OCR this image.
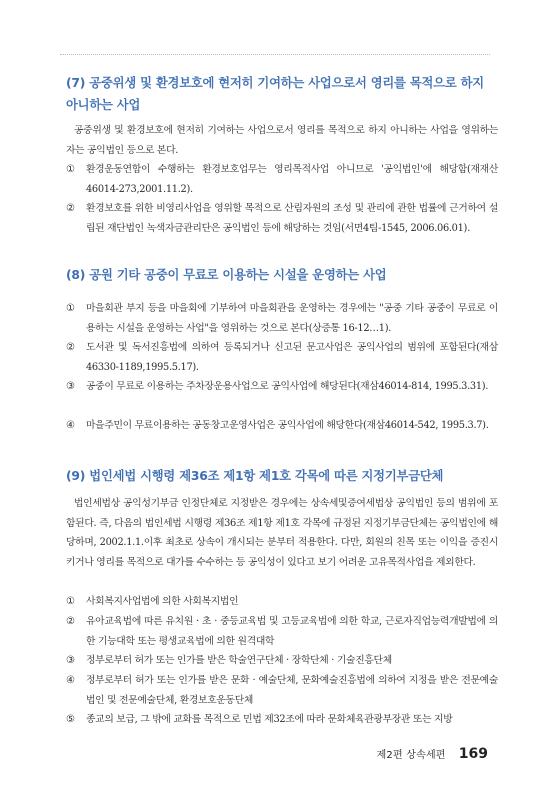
(7) 공중위생 및 환경보호에 현저히 기여하는 사업으로서 영리를 목적으로 하지 아니하는 사업
공중위생 및 환경보호에 현저히 기여하는 사업으로서 영리를 목적으로 하지 아니하는 사업을 영위하는 자는 공익법인 등으로 본다.
①	환경운동연합이 수행하는 환경보호업무는 영리목적사업 아니므로 '공익법인'에 해당함(재재산46014-273,2001.11.2).
②	환경보호를 위한 비영리사업을 영위할 목적으로 산림자원의 조성 및 관리에 관한 법률에 근거하여 설립된 재단법인 녹색자금관리단은 공익법인 등에 해당하는 것임(서면4팀-1545, 2006.06.01).
(8) 공원 기타 공중이 무료로 이용하는 시설을 운영하는 사업
①	마을회관 부지 등을 마을회에 기부하여 마을회관을 운영하는 경우에는 "공중 기타 공중이 무료로 이용하는 시설을 운영하는 사업"을 영위하는 것으로 본다(상증통 16-12…1).
②	도서관 및 독서진흥법에 의하여 등록되거나 신고된 문고사업은 공익사업의 범위에 포함된다(재삼46330-1189,1995.5.17).
③	공중이 무료로 이용하는 주차장운용사업으로 공익사업에 해당된다(재삼46014-814, 1995.3.31).
④	마을주민이 무료이용하는 공동창고운영사업은 공익사업에 해당한다(재삼46014-542, 1995.3.7).
(9) 법인세법 시행령 제36조 제1항 제1호 각목에 따른 지정기부금단체
법인세법상 공익성기부금 인정단체로 지정받은 경우에는 상속세및증여세법상 공익법인 등의 범위에 포함된다. 즉, 다음의 법인세법 시행령 제36조 제1항 제1호 각목에 규정된 지정기부금단체는 공익법인에 해당하며, 2002.1.1.이후 최초로 상속이 개시되는 분부터 적용한다. 다만, 회원의 친목 또는 이익을 증진시키거나 영리를 목적으로 대가를 수수하는 등 공익성이 있다고 보기 어려운 고유목적사업을 제외한다.
①	사회복지사업법에 의한 사회복지법인
②	유아교육법에 따른 유치원 · 초 · 중등교육법 및 고등교육법에 의한 학교, 근로자직업능력개발법에 의한 기능대학 또는 평생교육법에 의한 원격대학
③	정부로부터 허가 또는 인가를 받은 학술연구단체 · 장학단체 · 기술진흥단체
④	정부로부터 허가 또는 인가를 받은 문화 · 예술단체, 문화예술진흥법에 의하여 지정을 받은 전문예술법인 및 전문예술단체, 환경보호운동단체
⑤	종교의 보급, 그 밖에 교화를 목적으로 민법 제32조에 따라 문화체육관광부장관 또는 지방
제2편 상속세편 169
